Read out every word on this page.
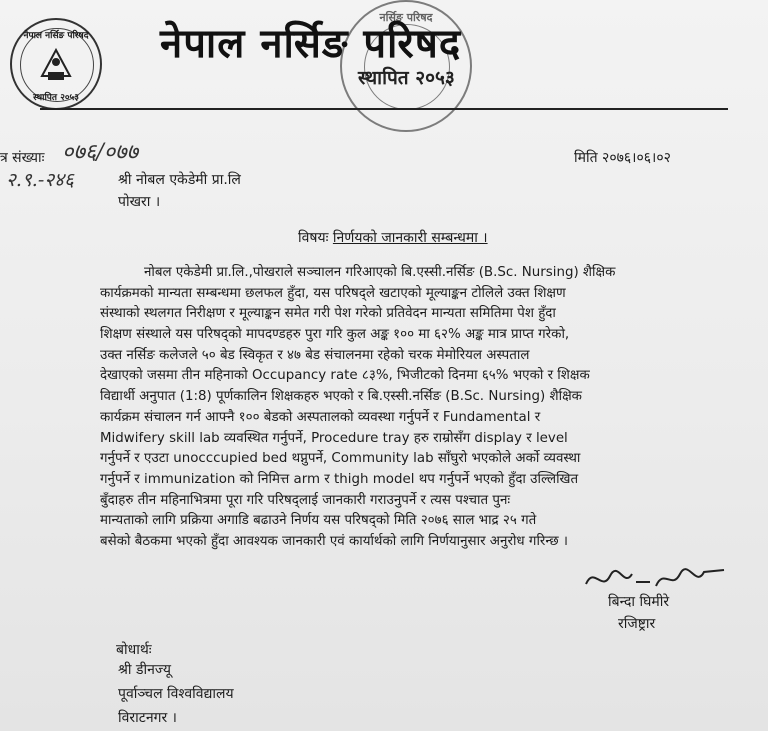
नेपाल नर्सिङ परिषद
स्थापित २०५३
नर्सिङ परिषद
नेपाल नर्सिङ परिषद
स्थापित २०५३
त्र संख्याः ०७६/०७७	मिति २०७६।०६।०२
२.९.-२४६	श्री नोबल एकेडेमी प्रा.लि
पोखरा ।
विषयः निर्णयको जानकारी सम्बन्धमा ।
नोबल एकेडेमी प्रा.लि.,पोखराले सञ्चालन गरिआएको बि.एस्सी.नर्सिङ (B.Sc. Nursing) शैक्षिक
कार्यक्रमको मान्यता सम्बन्धमा छलफल हुँदा, यस परिषद्ले खटाएको मूल्याङ्कन टोलिले उक्त शिक्षण
संस्थाको स्थलगत निरीक्षण र मूल्याङ्कन समेत गरी पेश गरेको प्रतिवेदन मान्यता समितिमा पेश हुँदा
शिक्षण संस्थाले यस परिषद्को मापदण्डहरु पुरा गरि कुल अङ्क १०० मा ६२% अङ्क मात्र प्राप्त गरेको,
उक्त नर्सिङ कलेजले ५० बेड स्विकृत र ४७ बेड संचालनमा रहेको चरक मेमोरियल अस्पताल
देखाएको जसमा तीन महिनाको Occupancy rate ८३%, भिजीटको दिनमा ६५% भएको र शिक्षक
विद्यार्थी अनुपात (1:8) पूर्णकालिन शिक्षकहरु भएको र बि.एस्सी.नर्सिङ (B.Sc. Nursing) शैक्षिक
कार्यक्रम संचालन गर्न आफ्नै १०० बेडको अस्पतालको व्यवस्था गर्नुपर्ने र Fundamental र
Midwifery skill lab व्यवस्थित गर्नुपर्ने, Procedure tray हरु राम्रोसँग display र level
गर्नुपर्ने र एउटा unocccupied bed थप्नुपर्ने, Community lab साँघुरो भएकोले अर्को व्यवस्था
गर्नुपर्ने र immunization को निमित्त arm र thigh model थप गर्नुपर्ने भएको हुँदा उल्लिखित
बुँदाहरु तीन महिनाभित्रमा पूरा गरि परिषद्लाई जानकारी गराउनुपर्ने र त्यस पश्चात पुनः
मान्यताको लागि प्रक्रिया अगाडि बढाउने निर्णय यस परिषद्को मिति २०७६ साल भाद्र २५ गते
बसेको बैठकमा भएको हुँदा आवश्यक जानकारी एवं कार्यार्थको लागि निर्णयानुसार अनुरोध गरिन्छ ।
बिन्दा घिमीरे
रजिष्ट्रार
बोधार्थः
श्री डीनज्यू
पूर्वाञ्चल विश्वविद्यालय
विराटनगर ।
